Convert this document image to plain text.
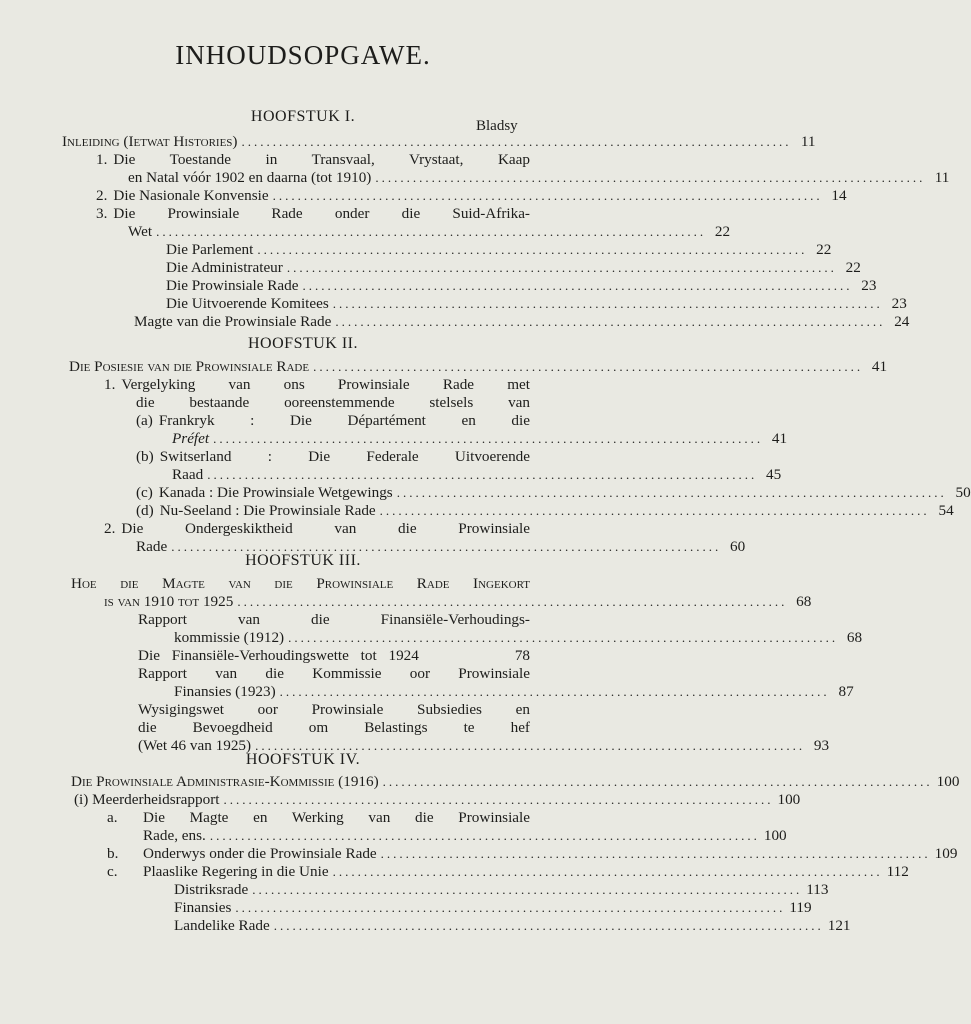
INHOUDSOPGAWE.
HOOFSTUK I.
Bladsy
Inleiding (Ietwat Histories) ........................................................................................ 11
1. Die Toestande in Transvaal, Vrystaat, Kaap
en Natal vóór 1902 en daarna (tot 1910) ........................................................................................ 11
2. Die Nasionale Konvensie ........................................................................................ 14
3. Die Prowinsiale Rade onder die Suid-Afrika-
Wet ........................................................................................ 22
Die Parlement ........................................................................................ 22
Die Administrateur ........................................................................................ 22
Die Prowinsiale Rade ........................................................................................ 23
Die Uitvoerende Komitees ........................................................................................ 23
Magte van die Prowinsiale Rade ........................................................................................ 24
HOOFSTUK II.
Die Posiesie van die Prowinsiale Rade ........................................................................................ 41
1. Vergelyking van ons Prowinsiale Rade met
die bestaande ooreenstemmende stelsels van
(a) Frankryk : Die Départément en die
Préfet ........................................................................................ 41
(b) Switserland : Die Federale Uitvoerende
Raad ........................................................................................ 45
(c) Kanada : Die Prowinsiale Wetgewings ........................................................................................ 50
(d) Nu-Seeland : Die Prowinsiale Rade ........................................................................................ 54
2. Die Ondergeskiktheid van die Prowinsiale
Rade ........................................................................................ 60
HOOFSTUK III.
Hoe die Magte van die Prowinsiale Rade Ingekort
is van 1910 tot 1925 ........................................................................................ 68
Rapport van die Finansiële-Verhoudings-
kommissie (1912) ........................................................................................ 68
Die Finansiële-Verhoudingswette tot 1924	78
Rapport van die Kommissie oor Prowinsiale
Finansies (1923) ........................................................................................ 87
Wysigingswet oor Prowinsiale Subsiedies en
die Bevoegdheid om Belastings te hef
(Wet 46 van 1925) ........................................................................................ 93
HOOFSTUK IV.
Die Prowinsiale Administrasie-Kommissie (1916) ........................................................................................ 100
(i) Meerderheidsrapport ........................................................................................ 100
a.	Die Magte en Werking van die Prowinsiale
Rade, ens. ........................................................................................ 100
b.	Onderwys onder die Prowinsiale Rade ........................................................................................ 109
c.	Plaaslike Regering in die Unie ........................................................................................ 112
Distriksrade ........................................................................................ 113
Finansies ........................................................................................ 119
Landelike Rade ........................................................................................ 121
